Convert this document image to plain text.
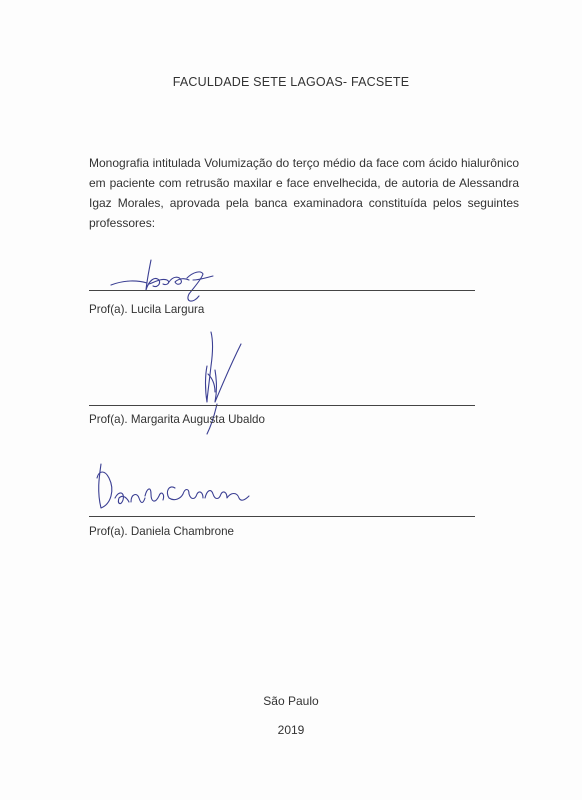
FACULDADE SETE LAGOAS- FACSETE
Monografia intitulada Volumização do terço médio da face com ácido hialurônico em paciente com retrusão maxilar e face envelhecida, de autoria de Alessandra Igaz Morales, aprovada pela banca examinadora constituída pelos seguintes professores:
Prof(a). Lucila Largura
Prof(a). Margarita Augusta Ubaldo
Prof(a). Daniela Chambrone
São Paulo
2019
